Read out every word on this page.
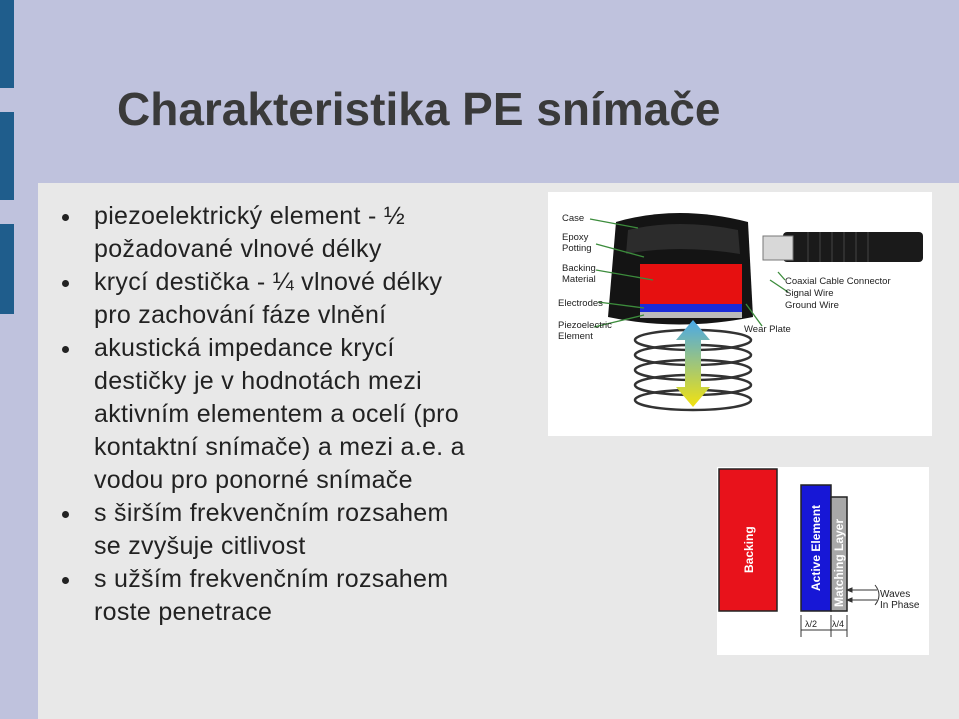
Charakteristika PE snímače
piezoelektrický element - ½
požadované vlnové délky
krycí destička - ¼ vlnové délky
pro zachování fáze vlnění
akustická impedance krycí
destičky je v hodnotách mezi
aktivním elementem a ocelí (pro
kontaktní snímače) a mezi a.e. a
vodou pro ponorné snímače
s širším frekvenčním rozsahem
se zvyšuje citlivost
s užším frekvenčním rozsahem
roste penetrace
Case
Epoxy
Potting
Backing
Material
Electrodes
Piezoelectric
Element
Coaxial Cable Connector
Signal Wire
Ground Wire
Wear Plate
Backing	Active Element Matching Layer
λ/2 λ/4
Waves
In Phase
